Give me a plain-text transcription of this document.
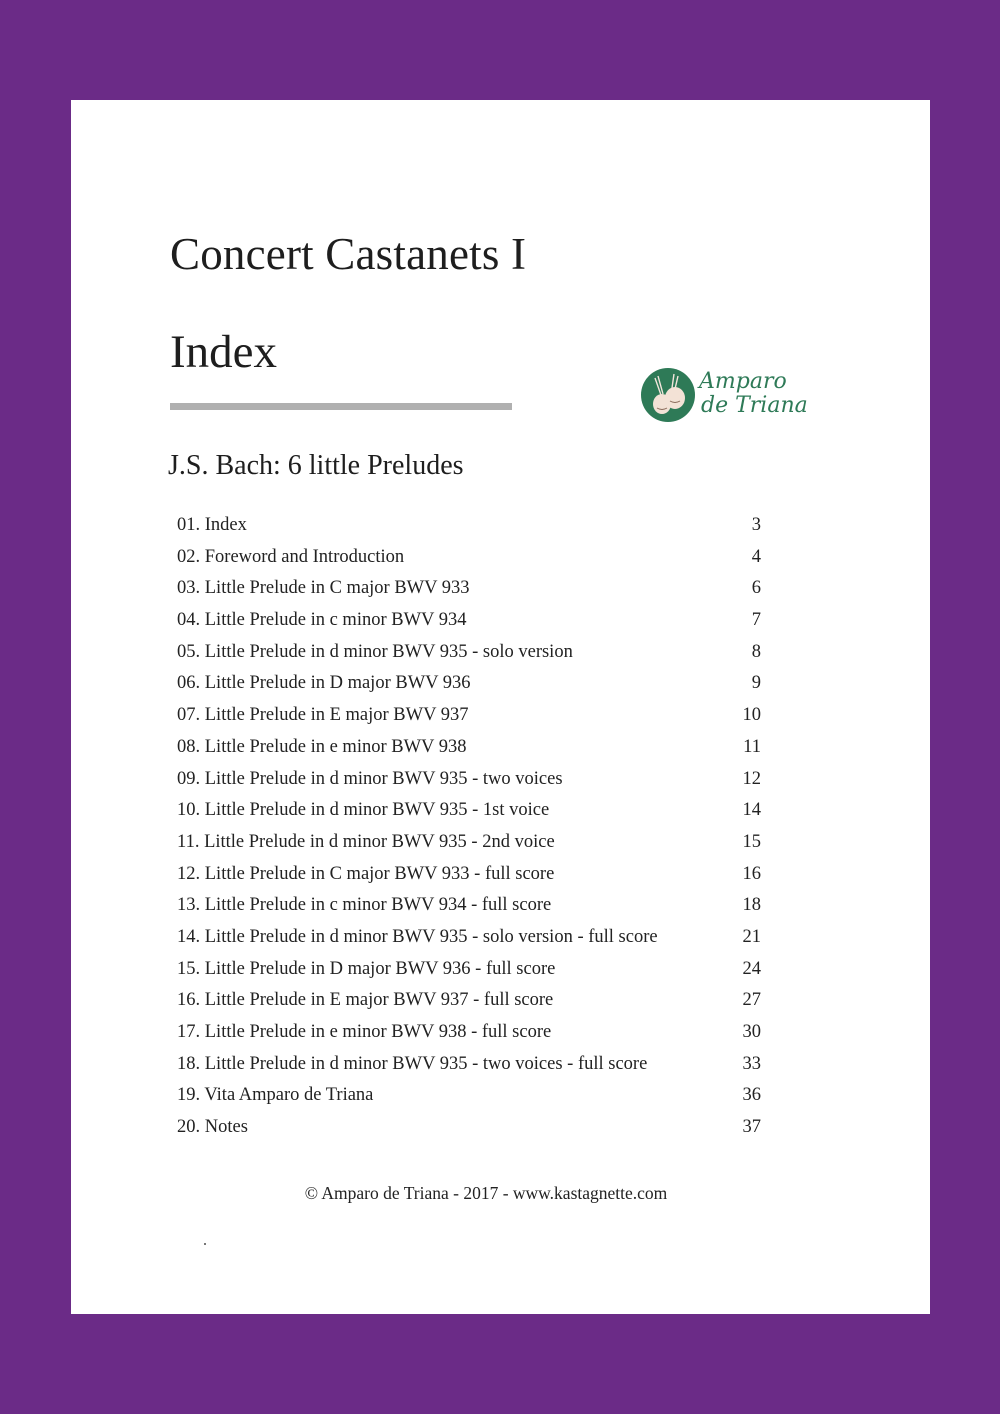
Concert Castanets I
Index
Amparo
de Triana
J.S. Bach: 6 little Preludes
01. Index	3
02. Foreword and Introduction	4
03. Little Prelude in C major BWV 933	6
04. Little Prelude in c minor BWV 934	7
05. Little Prelude in d minor BWV 935 - solo version	8
06. Little Prelude in D major BWV 936	9
07. Little Prelude in E major BWV 937	10
08. Little Prelude in e minor BWV 938	11
09. Little Prelude in d minor BWV 935 - two voices	12
10. Little Prelude in d minor BWV 935 - 1st voice	14
11. Little Prelude in d minor BWV 935 - 2nd voice	15
12. Little Prelude in C major BWV 933 - full score	16
13. Little Prelude in c minor BWV 934 - full score	18
14. Little Prelude in d minor BWV 935 - solo version - full score	21
15. Little Prelude in D major BWV 936 - full score	24
16. Little Prelude in E major BWV 937 - full score	27
17. Little Prelude in e minor BWV 938 - full score	30
18. Little Prelude in d minor BWV 935 - two voices - full score	33
19. Vita Amparo de Triana	36
20. Notes	37
© Amparo de Triana - 2017 - www.kastagnette.com
